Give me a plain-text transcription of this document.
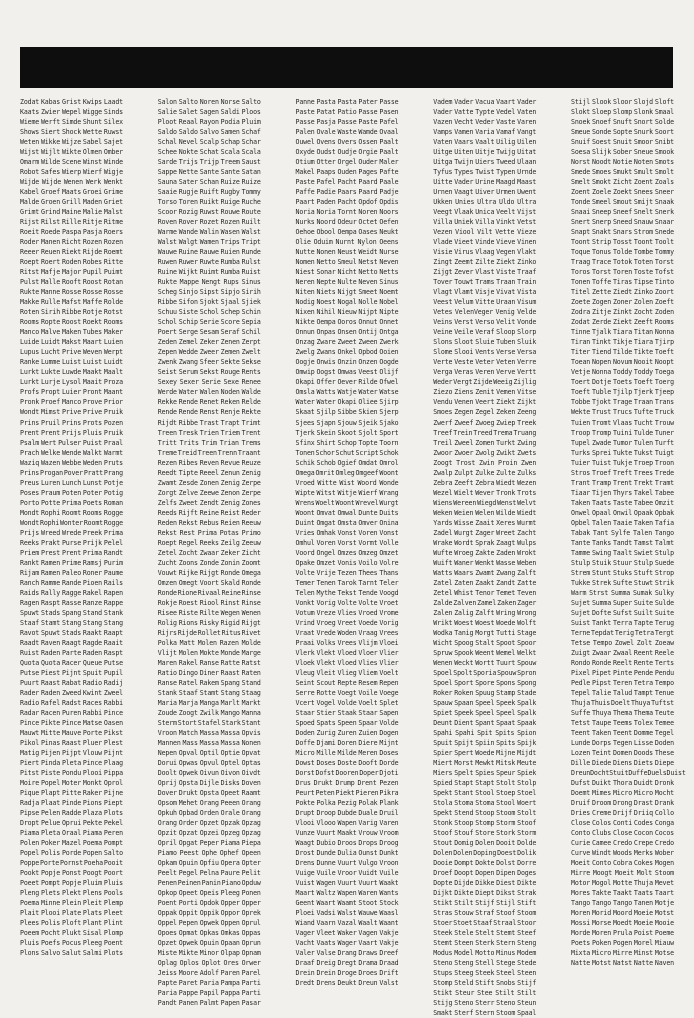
Zodat Kabas Grist Kwips Laadt
Kaats Zwier Wepel Wigge Sinds
Wieme Werft Simde Shunt Silex
Shows Siert Shock Wette Ruwst
Weten Wikke Wijze Sabel Sajet
Wijst Wijlt Wikte Olmen Omber
Omarm Wilde Scene Winst Winde
Robot Safes Wierp Wierf Wigje
Wijde Wijde Wenen Werk Wenkt
Kabel Groef Maats Groei Grime
Malde Groen Grill Maden Griet
Grimt Grind Maine Malie Malst
Rijst Rilst Rille Ritje Ritme
Roeit Roede Paspa Pasja Roers
Roder Manen Richt Rozen Rozen
Reeer Reuen Riekt Rijde Roemt
Roept Roert Roden Robes Ritte
Ritst Mafje Major Pupil Puimt
Pulst Malle Rooft Roost Rotan
Rukte Manne Rosse Rosse Rosse
Makke Rulle Mafst Maffe Rolde
Roten Sirih Ribbe Rotje Rotst
Rooms Ropte Roost Roekt Rooms
Manco Malve Maken Tubes Maker
Luide Luidt Makst Maart Luien
Lupus Lucht Prive Weven Werpt
Ranke Lumme Luist Luist Luidt
Lurkt Lukte Luwde Maakt Maalt
Lurkt Lurje Lysol Maait Proza
Profs Propt Luier Pront Maant
Pronk Proef Manco Prove Prior
Wondt Mimst Prive Prive Pruik
Prins Pruil Prins Prots Pozen
Prent Prent Prijs Pluis Pruik
Psalm Wert Pulser Puist Praal
Prach Welke Wende Walkt Warmt
Waziq Wazen Webbe Weden Pruts
Prins Progan Pover Pratt Prang
Preus Luren Lunch Lunst Potje
Poses Praum Poten Poter Potig
Porto Potte Prima Poets Roman
Mondt Rophi Roomt Rooms Rogge
Wondt Rophi Wonter Roomt Rogge
Prijs Wreed Wrede Preek Prima
Reeks Prakt Purse Prijk Pelel
Priem Prest Prent Prima Randt
Rankt Ramen Prime Ramsj Purim
Rijam Ramen Paleo Roner Paume
Ranch Ramme Rande Pioen Rails
Raids Rally Ragge Rakel Rapen
Ragen Raspt Rasse Ranze Rappe
Spuwt Stads Spang Stand Stank
Staaf Stamt Stang Stang Stang
Ravot Spuwt Stads Raakt Raapt
Raadt Raven Raagt Ragde Raait
Ruist Raden Parte Raden Raspt
Quota Quota Racer Queue Putse
Putse Piest Pijnt Spuit Pupil
Puurt Raast Rabat Radio Radij
Rader Raden Zweed Kwint Zweel
Radio Rafel Radst Races Rabbi
Radar Racen Puren Rabbi Pince
Pince Pikte Pince Matse Oasen
Mauwt Mitte Mauve Porte Pikst
Pikol Pinas Raast Pluer Plest
Matig Pijen Pijpt Vlouw Pijnt
Piert Pinda Pleta Pince Plaag
Pitst Piste Pondu Plooi Pippa
Moire Popel Moter Monkt Oprol
Pique Plapt Pitte Raker Pijne
Radja Plaat Pinde Pions Piept
Pipse Pelen Radde Plaza Plots
Dropt Pelue Oprui Pekte Pekel
Piama Pleta Oraal Piama Peren
Polen Poker Mazel Poema Pompt
Popel Polis Porde Popen Salto
Poppe Porte Pornst Poeha Pooit
Pookt Popje Ponst Poogt Poort
Poeet Pompt Popje Pluim Pluis
Pleng Plets Plekt Plens Pools
Poema Minne Plein Pleit Plemp
Plait Plooi Plate Plats Pleet
Plees Polis Ploft Plant Plint
Poeem Pocht Plukt Sisal Plomp
Pluis Poefs Pocus Pleeg Poent
Plons Salvo Salut Salmi Plots
Salon Salto Noren Norse Salto
Salie Salet Sagen Saldi Ploos
Ploot Reaal Rayon Podia Pluim
Saldo Saldo Salvo Samen Schaf
Schal Nevel Scalp Schap Schar
Schee Nokte Schat Scala Scala
Sarde Trijs Trijp Treem Saust
Sappe Nette Sante Sante Satan
Sauna Sater Schan Ruize Ruize
Saaie Rugje Ruift Rugby Tommy
Torso Toren Ruikt Ruige Ruche
Scoor Rozig Ruwst Rouwe Route
Roven Rover Rozet Rozen Ruilt
Warme Wande Walin Wasen Walst
Walst Walgt Wamen Trips Tript
Wauwe Ruine Rauwe Ruien Runde
Ruwen Ruwer Ruwte Rumba Rulst
Ruine Wijkt Ruimt Rumba Ruist
Rukte Mappe Nengt Rups Sinus
Scheg Sinjo Sipst Sipjo Sirih
Ribbe Sifon Sjokt Sjaal Sjiek
Schuu Siste Schol Schep Schin
Schol Schip Serie Score Sepia
Poert Serge Sesam Seraf Schil
Zeden Zemel Zeker Zenen Zerpt
Zepen Wedde Zweer Zemen Zwelt
Zwenk Zwang Sfeer Sekte Sekse
Seist Serum Sekst Rouge Rents
Sexey Sexer Serie Sexe Renee
Werde Water Walen Noden Walde
Rekke Rende Renet Reken Relde
Rende Rende Renst Renje Rekte
Rijdt Ribbe Trast Trapt Trimt
Treen Tresk Trien Triem Trent
Tritt Trits Trim Trian Trems
Treme Treid Treen Trenn Traant
Rezen Ribes Reven Revue Reuze
Reedt Tipte Reeel Zenun Zenig
Zwamt Zesde Zonen Zenig Zerpe
Zorgt Zelve Zeewe Zenon Zerpe
Zelfs Zweet Zendt Zenig Zones
Reeds Rijft Reine Reist Reder
Reden Rekst Rebus Reien Reeuw
Rekst Rest Prima Potas Primo
Roept Regel Reeks Zeilg Zeeuw
Zetel Zocht Zwaar Zeker Zicht
Zucht Zoons Zonde Zonin Zoomt
Vouwt Rijke Rijgt Ronde Omega
Omzen Omegt Voort Skald Ronde
Ronde Rione Rivaal Reine Rinse
Rokje Roest Riool Rinst Rinse
Risee Riste Rilte Wegen Wenen
Rolig Rions Risky Rigid Rijgt
Rijrs Rijde Rollet Ritus Rivet
Polka Matt Molen Razen Molde
Vlijt Molen Mokte Monde Marge
Maren Rakel Ranse Ratte Ratst
Ratio Dingo Diner Raast Raten
Ranse Ratel Rakem Spang Stand
Stank Staaf Stamt Stang Staag
Maria Marja Manga Marlt Markt
Zoude Zoogt Zwilk Mango Manna
Sterm Stort Stafel Stark Stant
Vroon Match Massa Massa Opvis
Mannen Mass Massa Massa Nonen
Nepen Opval Optil Optie Opvat
Dorui Opwas Opvul Optel Optas
Doolt Opwek Oivun Oivon Oivdt
Oprij Opsta Dijle Disks Doven
Dover Drukt Opsta Opeet Raamt
Opsom Mehet Orang Peeen Orang
Opkuh Opbad Orden Orale Orang
Orang Order Opzet Opzak Opzag
Opzit Opzat Opzei Opzeg Opzag
Opril Opgat Peper Piama Piepa
Piamo Peest Ophe Ophef Opeen
Opkam Opuin Opfiu Opera Opter
Peelt Pegel Pelna Paure Pelit
Penen Peinen Panin Piano Opduw
Opkop Opeet Opeis Pleeg Ponen
Poent Porti Opdok Opper Opper
Oppak Oppit Oppik Oppor Oprek
Oppel Pepen Opwek Oppen Oprul
Opoes Opmat Opkas Omkas Oppas
Opzet Opwek Opuin Opaan Oprun
Miste Mikte Minor Olpap Opnam
Oplag Oplos Oplot Ores Orwer
Jeiss Moore Adolf Paren Parel
Papte Paret Paria Pampa Parti
Paria Pappe Papil Pappa Parti
Pandt Panen Palmt Papen Pasar
Panne Pasta Pasta Pater Passe
Paste Patat Patio Passe Pasen
Passe Pasja Passe Paste Pafel
Palen Ovale Waste Wamde Ovaal
Ouwel Ovens Overs Ossen Paalt
Oxyde Oudst Oudje Orgie Paalt
Otium Otter Orgel Ouder Maler
Makel Paaps Ouden Pages Pafte
Paste Pafel Pacht Paard Paale
Paffe Padie Paars Paard Padje
Paart Paden Pacht Opdof Opdis
Noria Noria Tornt Noren Noors
Nurks Noord Odeur Octet Oefen
Oehoe Obool Oempa Oases Neukt
Olie Oduim Nurnt Nylon Oeens
Nutte Nonen Neust Weidt Nurse
Nomen Netto Smeul Netst Neven
Niest Sonar Nicht Netto Netts
Neren Nepte Nulte Neven Sinus
Niten Niets Nijgt Smeet Noemt
Nodig Noest Nogal Nolle Nobel
Nixen Nihil Nieuw Nijpt Nipte
Nikte Oempa Ooros Onnut Onnet
Onnun Onpas Onsen Ontij Ontga
Onzag Zware Zweet Zween Zwerk
Zwelg Zwans Onkel Opbod Ooien
Oogje Onwis Onzin Onzen Oogde
Omwip Oogst Omwas Veest Olijf
Okapi Offer Oever Rilde Ofwel
Omsla Watts Watje Water Watse
Water Water Okapi Oliee Sjirp
Skaat Sjilp Sibbe Skien Sjerp
Sjees Sjapn Sjouw Sjeik Sjako
Tjerk Skein Skoot Sjolt Sport
Sfinx Shirt Schop Topte Toorn
Tonen Schor Schut Script Schok
Schik Schob Ogief Omdat Omrol
Omega Omrit Omleg Omgeef Woont
Vroed Witte Wist Woord Wonde
Wipte Witst Witje Wierf Wrang
Wrens Woelt Woont Wrevel Wurgt
Woont Omvat Omwal Dunte Duits
Duint Omgat Omsta Omver Onina
Vries Omhak Vonst Voren Vonst
Omhul Voren Vorst Vormt Volle
Voord Ongel Omzes Omzeg Omzet
Opake Omzet Vonis Voilo Volre
Volte Vrije Tezen Thees Thans
Temer Tenen Tarok Tarnt Teler
Telen Mythe Tekst Tende Voogd
Vonkt Vorig Volte Volte Vroet
Votum Vreze Vlies Vroed Vrome
Vrind Vroeg Vreet Voede Vorig
Vraat Vrede Woden Vraag Vrees
Praai Volks Vrees Vlijm Vloei
Vlerk Vlekt Vloed Vloer Vlier
Vloek Vlekt Vloed Vlies Vlier
Vleug Vleit Vlieg Vliem Voelt
Seint Scout Repte Resem Repen
Serre Rotte Voegt Voile Voege
Vcert Vogel Volde Voelt Splet
Staar Stier Staak Staar Sapen
Spoed Spats Speen Spaar Volde
Doden Zurig Zuren Zuien Dogen
Doffe Djami Doren Diere Mijnt
Micro Mille Milde Meren Doses
Dowst Doses Doste Dooft Dorde
Dorst Dofst Dooren Doper Djoti
Drus Drukt Drump Drent Pezen
Peurt Peten Piekt Pieren Pikra
Pokte Polka Pezig Polak Plank
Drupt Droop Dubde Duale Druil
Vlooi Vlooo Wapen Varig Varen
Vunze Vuurt Maakt Vrouw Vroom
Waagt Dubio Droos Drops Droog
Drost Dunde Dulia Ounst Dunkt
Drens Dunne Vuurt Vulgo Vroon
Vuige Vuile Vroor Vuidt Vuile
Vuist Wagen Vuurt Vuurt Waakt
Maart Waltz Wapen Waren Wants
Geent Waart Waamt Stoot Stock
Ploei Vadsi Walst Wauwe Waasl
Wiand Vaarn Vazal Waalt Waant
Vager Vleet Waker Vagen Vakje
Vacht Vaats Wager Vaart Vakje
Valer Valse Drang Draws Dreef
Draaf Dreig Dregt Drama Draad
Drein Drein Droge Droes Drift
Dredt Drens Deukt Dreun Valst
Vadem Vader Vacua Vaart Vader
Vader Vatte Typte Vedel Vaten
Vazen Vecht Veder Vaste Varen
Vamps Vamen Varia Vamaf Vangt
Vaten Vaars Vaalt Uilig Uilen
Uitge Uiten Uitje Twijg Uitat
Uitga Twijn Uiers Tweed Ulaan
Tyfus Types Twist Typen Urnde
Uitte Vader Urine Maagd Maast
Urnen Vaagt Uiver Urmen Uwent
Ukken Unies Ultra Uldo Ultra
Veegt Vlaak Unica Veelt Vijst
Villa Uniek Villa Vinkt Vetst
Vezen Viool Vilt Vette Vieze
Vlade Vieet Vinde Vieve Vinen
Visie Virus Vlaag Vegen Vlakt
Zingt Zeemt Zilte Ziekt Zinko
Zijgt Zever Vlast Viste Traaf
Tover Touwt Trams Traan Train
Vlagt Vlamt Visje Vivat Vista
Veest Velum Vitte Uraan Visum
Vetes VelenVeger Venig Velde
Veins Verst Verso Velit Vonde
Veine Veile Veraf Sloop Slorp
Slons Sloot Sluie Tuben Sluik
Slome Slooi Vents Verse Versa
Verte Veste Veter Veten Verre
Verga Veras Veren Verve Vertt
Weder Vergt Zijde Weeig Zijlig
Ziezo Ziens Zenit Vemen Vitse
Vendu Venen Veert Ziekt Zijkt
Smoes Zegen Zegel Zeken Zeeng
Zwerf Zweef Zwoeg Zwiep Treek
Treef Trein Treed Trema Truang
Treil Zweel Zomen Turkt Zwing
Zwoor Zwoer Zwolg Zwikt Zwets
Zoogt Trost Zwin Proin Zwen
Zwalp Zulpt Zulke Zulte Zulks
Zebra Zeeft Zebra Wiedt Wezen
Wezel Wielt Wever Tronk Trots
Wiens Wereen Wiegd Wenst Welvt
Weken Weien Welen Wilde Wiedt
Yards Wisse Zaait Xeres Wurmt
Zadel Wurgt Zager Wreet Zacht
Wrake Wordt Sprak Zaagt Wulps
Wufte Wroeg Zakte Zaden Wrokt
Wuift Waner Wenkt Wasse Weben
Watts Waars Zwamt Zwang Zalft
Zatel Zaten Zaakt Zandt Zatte
Zetel Whist Tenor Temet Teven
Zalde Zalven Zamel Zaken Zager
Zalen Zalig Zalft Wring Wrong
Wrikt Woest Woest Woede Wolft
Wodka Tanig Morgt Tutti Stage
Wicht Spoog Stalt Spoot Spoor
Spruw Spook Weent Wemel Welkt
Wenen Weckt Wortt Tuurt Spouw
Spoel Spolt Sporia Spouw Spron
Spoel Sport Spore Spons Spong
Roker Roken Spuug Stamp Stade
Spauw Spaan Speel Speek Spalk
Spiet Speek Speel Speel Spalk
Deunt Dient Spant Spaat Spaak
Spahi Spahi Spit Spits Spion
Spuit Spijt Spiin Spits Spijk
Spier Spert Woede Mijne Mijdt
Miert Morst Mewkt Mitsk Meute
Miers Spelt Spies Speur Spiek
Spied Stapt Stapt Stolt Stolp
Spekt Stant Stool Stoep Stoel
Stola Stoma Stoma Stool Woert
Spekt Stend Stoop Stoom Stolt
Stonk Stoop Stomp Storm Stoof
Stoof Stouf Store Stork Storm
Stout Domig Dolen Dooit Dolde
Dolen Dolen Doping Doest Dolik
Dooie Dompt Dokte Dolst Dorre
Droef Doopt Dopen Dipen Doges
Dopte Dijde Dikke Diest Dikte
Dijkt Dikte Diept Dikst Strak
Stikt Stilt Stijf Stijl Stift
Stras Stouw Straf Stoof Stoom
Stoer Stoet Staaf Straal Stoor
Steek Stele Stelt Stemt Steef
Stemt Steen Sterk Stern Steng
Modus Model Motto Minus Modem
Steno Steng Stell Stege Stede
Stups Steeg Steek Steel Steen
Stomp Steld Stift Snobs Stijf
Stikt Steur Stee Stilt Stilt
Stijg Steno Sterr Steno Steun
Smakt Sterf Stern Stoom Spaal
Stijl Slook Sloor Slojd Sloft
Slokt Sloep Slomp Slonk Smaal
Snoek Snoef Snuft Snort Solde
Smeue Sonde Sopte Snurk Soort
Snuif Soest Snuit Smoor Snibt
Soesa Slijk Sober Sneue Smook
Norst Noodt Notie Noten Smots
Smede Smoes Smukt Smult Smolt
Smelt Smokt Zicht Zoent Zoals
Zoent Zoele Zoekt Snees Sneer
Tonde Smeel Smout Smijt Snaak
Snaai Sneep Sneef Snelt Snerk
Snert Snerp Sneed Snauw Snaar
Snapt Snakt Snars Strom Snede
Toont Strip Tosst Toont Toolt
Toque Tonus Tolde Tombe Tommy
Traag Trace Totok Toten Torst
Toros Torst Toren Toste Tofst
Tonen Toffe Tiras Tipse Tinto
Titel Zette Ziedt Zinko Zoort
Zoete Zogen Zoner Zolen Zoeft
Zodra Zitje Zinkt Zocht Zoden
Zodat Zerde Ziekt Zeeft Rooms
Tinne Tjalk Tiara Titan Nonna
Tiran Tinkt Tikje Tiara Tjirp
Titer Tiend Tilde Tikte Toeft
Toean Nopen Novum Nooit Noopt
Vetje Nonna Toddy Toddy Toega
Toert Dotje Toets Toeft Toerg
Toeft Tuble Tjilp Tjerk Tjeep
Tobbe Tjokt Trage Traan Trans
Wekte Trust Trucs Tufte Truck
Tuien Tromt Vlaas Tucht Trouw
Troop Tromp Tuini Tulde Tuner
Tupel Zwade Tumor Tulen Turft
Turks Sprei Tukte Tukst Tuigt
Tuier Tuist Tukje Troep Troon
Stros Troef Treft Trees Trede
Trant Tramp Trent Trekt Tramt
Tiaar Tijen Thyrs Takel Tabee
Taken Taats Taste Tabee Omzit
Onwel Opaal Onwil Opaak Opbak
Opbel Talen Taaie Taken Tafia
Tabak Tant Sylfe Talen Tango
Tante Tanks Tandt Tamst Talmt
Tamme Swing Taalt Swiet Stulp
Stulp Stuik Stuur Stulp Suede
Strem Stunt Stuks Stuft Strop
Tukke Strek Sufte Stuwt Strik
Warm Strst Summa Sumak Sulky
Sujet Summa Super Suite Sulde
Sujet Dofte Sufst Suilt Suite
Suist Tankt Terra Tapte Terug
Terne Tepdat Terig Tetra Tergt
Tetse Tempo Zowel Zolt Zoeaw
Zuigt Zwaar Zwaal Reent Reele
Rondo Ronde Reelt Rente Terts
Pixel Pipet Pinte Pende Pendu
Pedle Pipst Teren Tetra Tempo
Tepel Talie Talud Tampt Tenue
Thuja Thuis Doelt Thuya Tuftst
Suffe Thuya Thema Thema Teute
Tetst Taupe Teems Tolex Temee
Teent Taken Teent Domme Tegel
Lunde Dorps Tegen Lisse Doden
Lozen Teint Domen Doods These
Dille Diede Diens Diets Diepe
Dreun Docht Stuit Duffe Duels Duist
Dufst Duikt Thora Duidt Dronk
Doemt Mimes Micro Micro Mocht
Druif Droom Drong Drast Drank
Dries Creme Drijf Driiq Collo
Close Colos Conti Codes Conga
Conto Clubs Close Cocon Cocos
Curie Camee Credo Crepe Credo
Curve Windt Woods Merks Wober
Moeit Conto Cobra Cokes Mogen
Mirre Moogt Moeit Molt Stoom
Motor Mogol Motte Thuja Mevet
Mores Takte Taakt Taats Taart
Tango Tango Tango Tanen Motje
Moren Morid Moord Moeie Motst
Mossi Morse Moedt Moeie Mooie
Morde Moren Prula Poist Poeme
Poets Poken Pogen Morel Miauw
Mixta Micro Mirre Minst Motse
Natte Motst Natst Natte Naven
